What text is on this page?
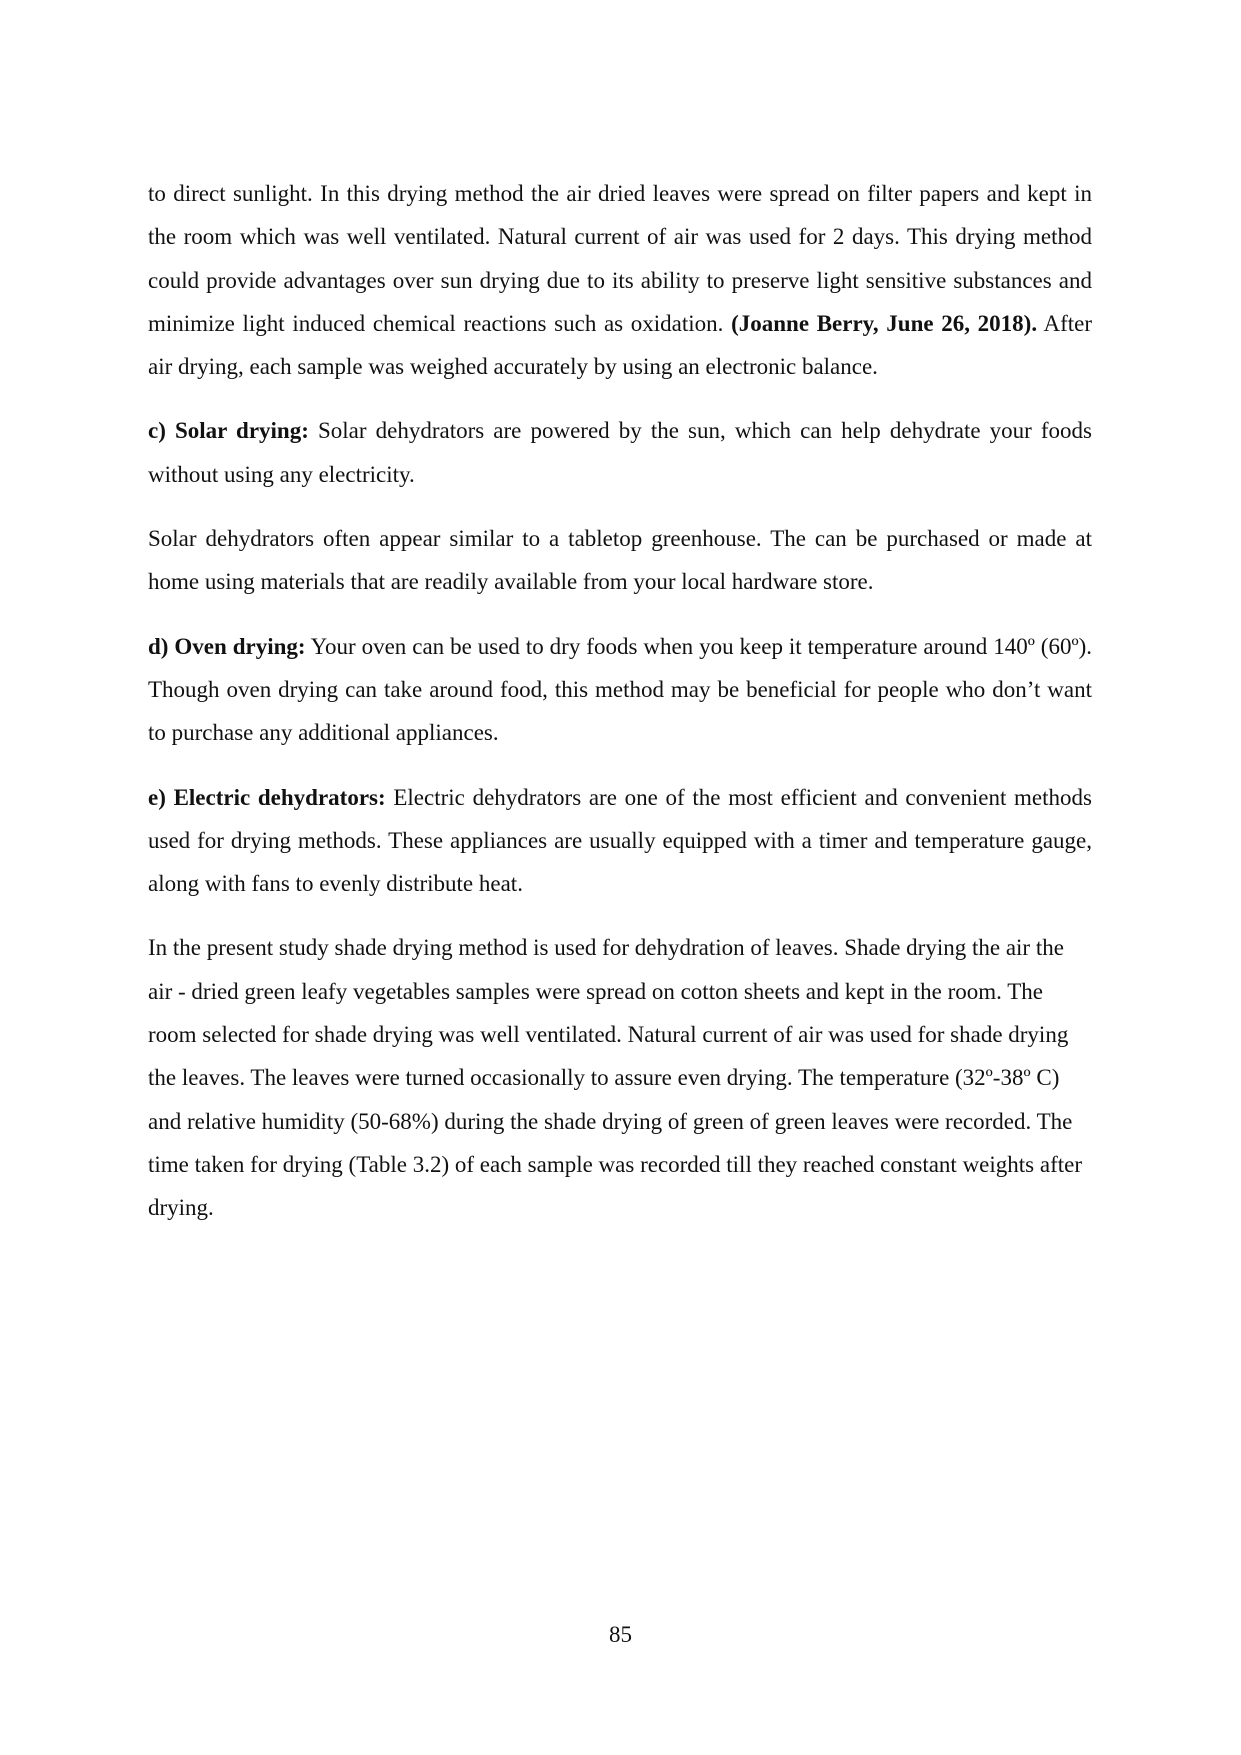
to direct sunlight. In this drying method the air dried leaves were spread on filter papers and kept in the room which was well ventilated. Natural current of air was used for 2 days. This drying method could provide advantages over sun drying due to its ability to preserve light sensitive substances and minimize light induced chemical reactions such as oxidation. (Joanne Berry, June 26, 2018). After air drying, each sample was weighed accurately by using an electronic balance.

c) Solar drying: Solar dehydrators are powered by the sun, which can help dehydrate your foods without using any electricity.

Solar dehydrators often appear similar to a tabletop greenhouse. The can be purchased or made at home using materials that are readily available from your local hardware store.

d) Oven drying: Your oven can be used to dry foods when you keep it temperature around 140º (60º). Though oven drying can take around food, this method may be beneficial for people who don’t want to purchase any additional appliances.

e) Electric dehydrators: Electric dehydrators are one of the most efficient and convenient methods used for drying methods. These appliances are usually equipped with a timer and temperature gauge, along with fans to evenly distribute heat.

In the present study shade drying method is used for dehydration of leaves. Shade drying the air the air - dried green leafy vegetables samples were spread on cotton sheets and kept in the room. The room selected for shade drying was well ventilated. Natural current of air was used for shade drying the leaves. The leaves were turned occasionally to assure even drying. The temperature (32º-38º C) and relative humidity (50-68%) during the shade drying of green of green leaves were recorded. The time taken for drying (Table 3.2) of each sample was recorded till they reached constant weights after drying.

85
